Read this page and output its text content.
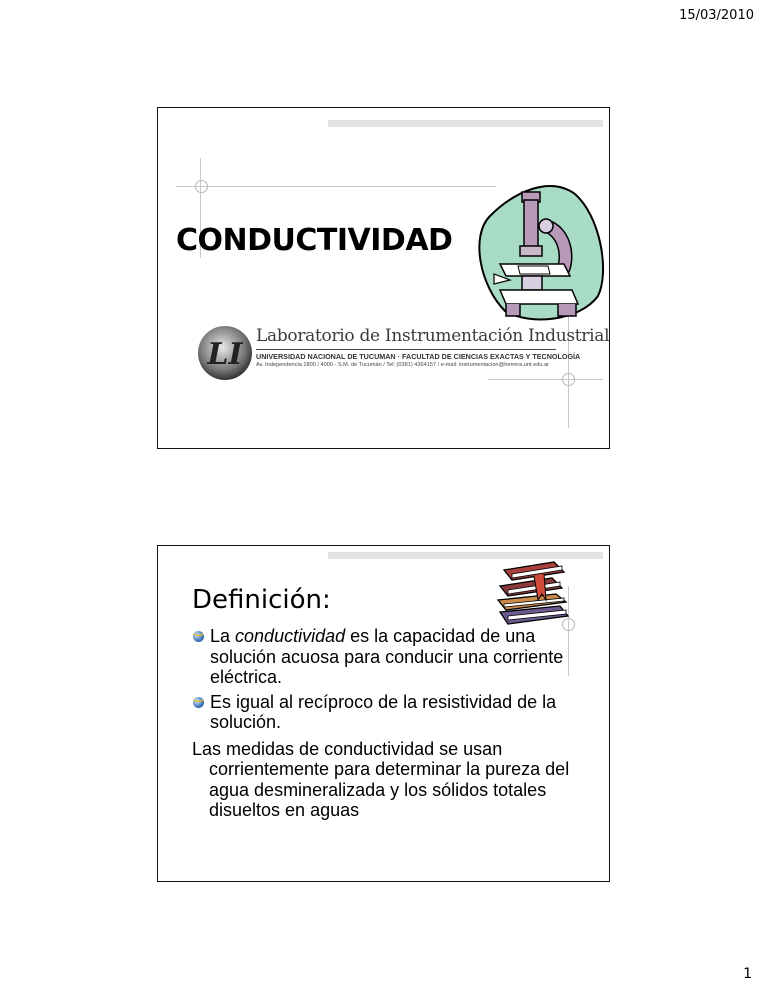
15/03/2010
CONDUCTIVIDAD
LI
Laboratorio de Instrumentación Industrial
UNIVERSIDAD NACIONAL DE TUCUMAN · FACULTAD DE CIENCIAS EXACTAS Y TECNOLOGÍA
Av. Independencia 1800 / 4000 - S.M. de Tucumán / Tel: (0381) 4364157 / e-mail: instrumentacion@herrera.unt.edu.ar
Definición:
La conductividad es la capacidad de una solución acuosa para conducir una corriente eléctrica.
Es igual al recíproco de la resistividad de la solución.
Las medidas de conductividad se usan corrientemente para determinar la pureza del agua desmineralizada y los sólidos totales disueltos en aguas
1
